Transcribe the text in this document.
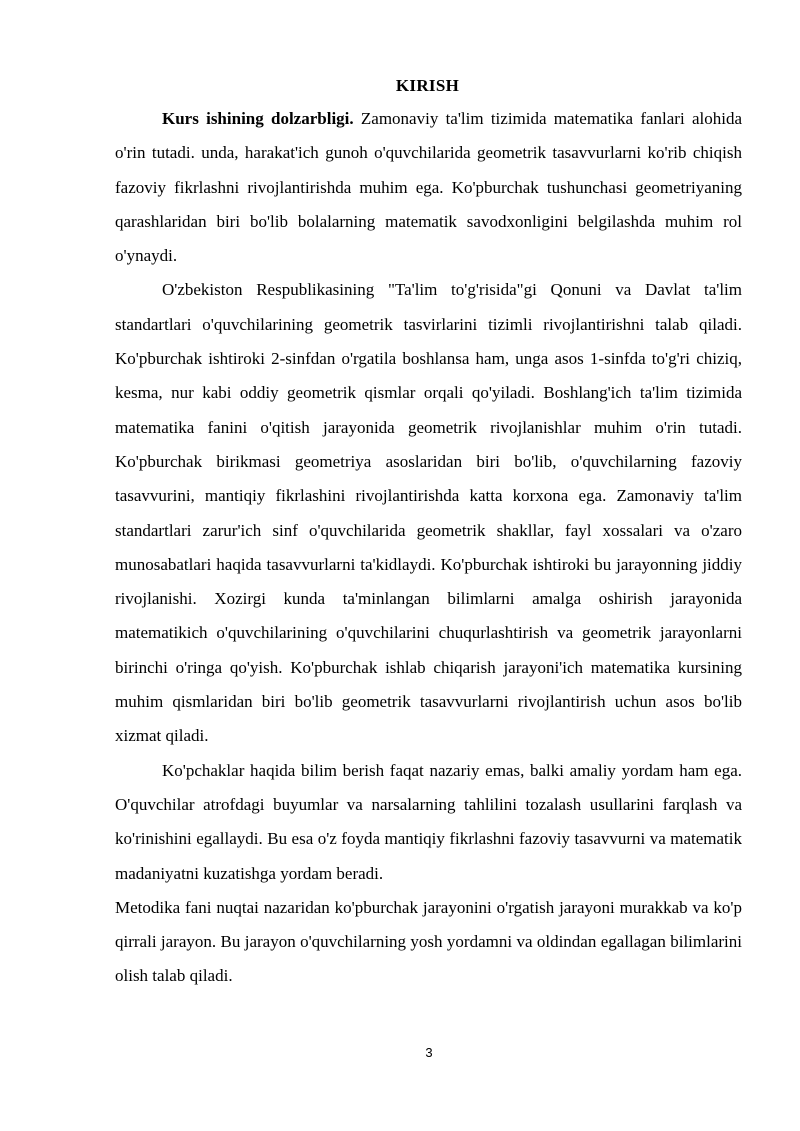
KIRISH

Kurs ishining dolzarbligi. Zamonaviy ta'lim tizimida matematika fanlari alohida o'rin tutadi. unda, harakat'ich gunoh o'quvchilarida geometrik tasavvurlarni ko'rib chiqish fazoviy fikrlashni rivojlantirishda muhim ega. Ko'pburchak tushunchasi geometriyaning qarashlaridan biri bo'lib bolalarning matematik savodxonligini belgilashda muhim rol o'ynaydi.

O'zbekiston Respublikasining "Ta'lim to'g'risida"gi Qonuni va Davlat ta'lim standartlari o'quvchilarining geometrik tasvirlarini tizimli rivojlantirishni talab qiladi. Ko'pburchak ishtiroki 2-sinfdan o'rgatila boshlansa ham, unga asos 1-sinfda to'g'ri chiziq, kesma, nur kabi oddiy geometrik qismlar orqali qo'yiladi. Boshlang'ich ta'lim tizimida matematika fanini o'qitish jarayonida geometrik rivojlanishlar muhim o'rin tutadi. Ko'pburchak birikmasi geometriya asoslaridan biri bo'lib, o'quvchilarning fazoviy tasavvurini, mantiqiy fikrlashini rivojlantirishda katta korxona ega. Zamonaviy ta'lim standartlari zarur'ich sinf o'quvchilarida geometrik shakllar, fayl xossalari va o'zaro munosabatlari haqida tasavvurlarni ta'kidlaydi. Ko'pburchak ishtiroki bu jarayonning jiddiy rivojlanishi. Xozirgi kunda ta'minlangan bilimlarni amalga oshirish jarayonida matematikich o'quvchilarining o'quvchilarini chuqurlashtirish va geometrik jarayonlarni birinchi o'ringa qo'yish. Ko'pburchak ishlab chiqarish jarayoni'ich matematika kursining muhim qismlaridan biri bo'lib geometrik tasavvurlarni rivojlantirish uchun asos bo'lib xizmat qiladi.

Ko'pchaklar haqida bilim berish faqat nazariy emas, balki amaliy yordam ham ega. O'quvchilar atrofdagi buyumlar va narsalarning tahlilini tozalash usullarini farqlash va ko'rinishini egallaydi. Bu esa o'z foyda mantiqiy fikrlashni fazoviy tasavvurni va matematik madaniyatni kuzatishga yordam beradi.

Metodika fani nuqtai nazaridan ko'pburchak jarayonini o'rgatish jarayoni murakkab va ko'p qirrali jarayon. Bu jarayon o'quvchilarning yosh yordamni va oldindan egallagan bilimlarini olish talab qiladi.

3
